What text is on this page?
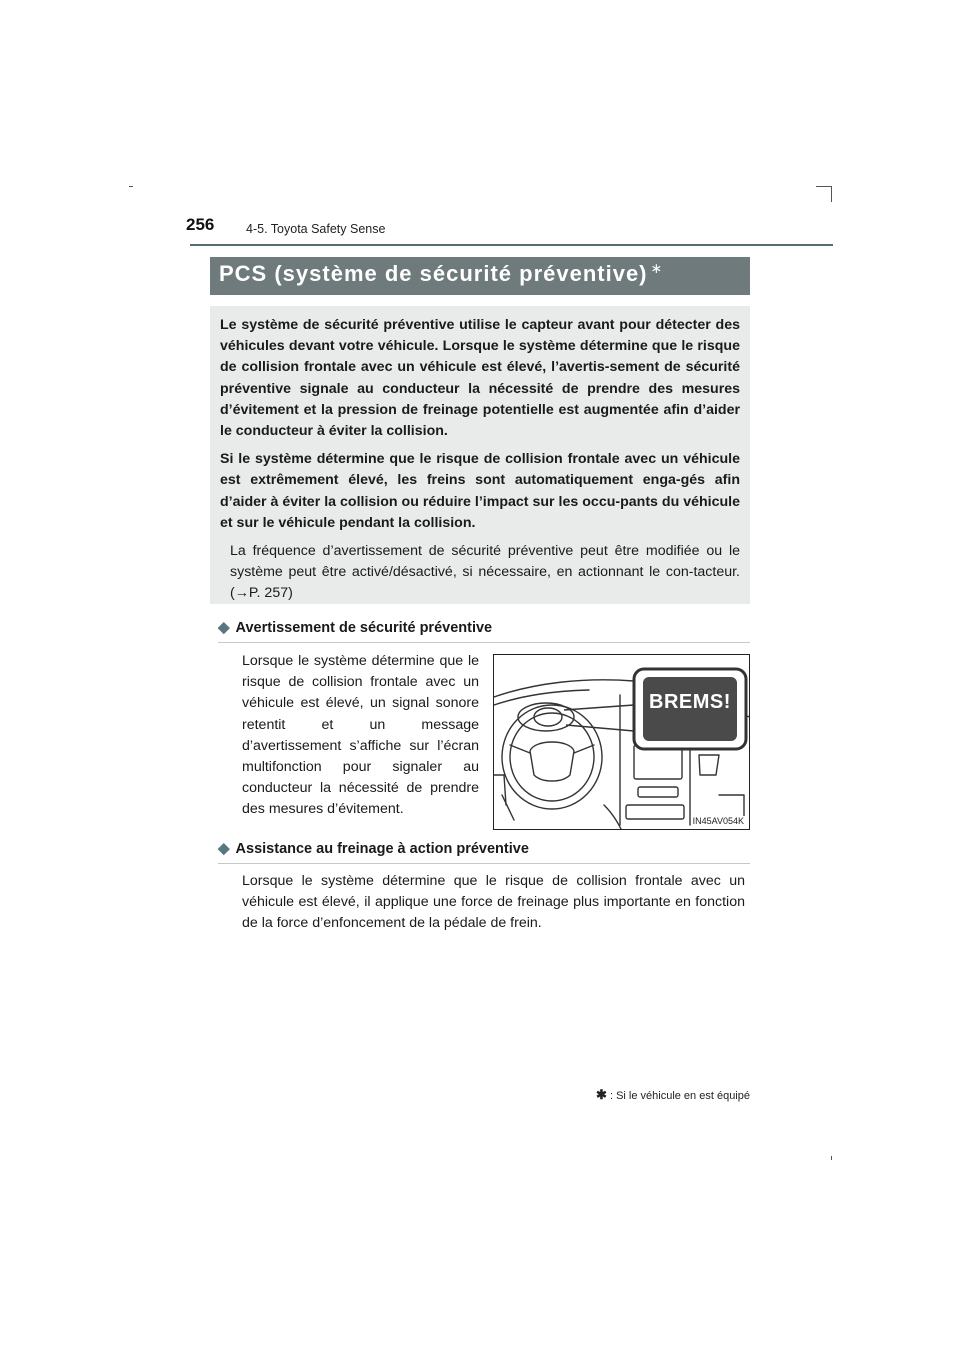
256	4-5. Toyota Safety Sense
PCS (système de sécurité préventive) ∗

Le système de sécurité préventive utilise le capteur avant pour détecter des véhicules devant votre véhicule. Lorsque le système détermine que le risque de collision frontale avec un véhicule est élevé, l’avertis-sement de sécurité préventive signale au conducteur la nécessité de prendre des mesures d’évitement et la pression de freinage potentielle est augmentée afin d’aider le conducteur à éviter la collision.

Si le système détermine que le risque de collision frontale avec un véhicule est extrêmement élevé, les freins sont automatiquement enga-gés afin d’aider à éviter la collision ou réduire l’impact sur les occu-pants du véhicule et sur le véhicule pendant la collision.

La fréquence d’avertissement de sécurité préventive peut être modifiée ou le système peut être activé/désactivé, si nécessaire, en actionnant le con-tacteur. (→P. 257)

◆ Avertissement de sécurité préventive
Lorsque le système détermine que le risque de collision frontale avec un véhicule est élevé, un signal sonore retentit et un message d’avertissement s’affiche sur l’écran multifonction pour signaler au conducteur la nécessité de prendre des mesures d’évitement.
BREMS!
IN45AV054K
◆ Assistance au freinage à action préventive
Lorsque le système détermine que le risque de collision frontale avec un véhicule est élevé, il applique une force de freinage plus importante en fonction de la force d’enfoncement de la pédale de frein.
✱ : Si le véhicule en est équipé
